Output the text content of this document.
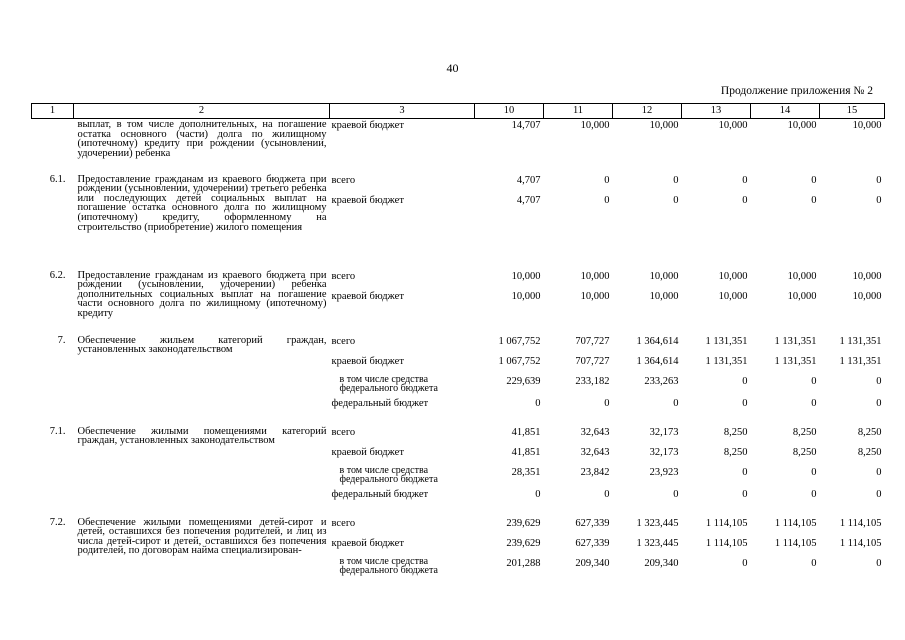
40
Продолжение приложения № 2
1	2	3	10	11	12	13	14	15
	выплат, в том числе дополнительных, на погашение остатка основного (части) долга по жилищному (ипотечному) кредиту при рождении (усыновлении, удочерении) ребенка	краевой бюджет	14,707	10,000	10,000	10,000	10,000	10,000

6.1.	Предоставление гражданам из краевого бюджета при рождении (усыновлении, удочерении) третьего ребенка или последующих детей социальных выплат на погашение остатка основного долга по жилищному (ипотечному) кредиту, оформленному на строительство (приобретение) жилого помещения	всего	4,707	0	0	0	0	0
		краевой бюджет	4,707	0	0	0	0	0

6.2.	Предоставление гражданам из краевого бюджета при рождении (усыновлении, удочерении) ребенка дополнительных социальных выплат на погашение части основного долга по жилищному (ипотечному) кредиту	всего	10,000	10,000	10,000	10,000	10,000	10,000
		краевой бюджет	10,000	10,000	10,000	10,000	10,000	10,000

7.	Обеспечение жильем категорий граждан, установленных законодательством	всего	1 067,752	707,727	1 364,614	1 131,351	1 131,351	1 131,351
		краевой бюджет	1 067,752	707,727	1 364,614	1 131,351	1 131,351	1 131,351
		в том числе средства федерального бюджета	229,639	233,182	233,263	0	0	0
		федеральный бюджет	0	0	0	0	0	0

7.1.	Обеспечение жилыми помещениями категорий граждан, установленных законодательством	всего	41,851	32,643	32,173	8,250	8,250	8,250
		краевой бюджет	41,851	32,643	32,173	8,250	8,250	8,250
		в том числе средства федерального бюджета	28,351	23,842	23,923	0	0	0
		федеральный бюджет	0	0	0	0	0	0

7.2.	Обеспечение жилыми помещениями детей-сирот и детей, оставшихся без попечения родителей, и лиц из числа детей-сирот и детей, оставшихся без попечения родителей, по договорам найма специализирован-	всего	239,629	627,339	1 323,445	1 114,105	1 114,105	1 114,105
		краевой бюджет	239,629	627,339	1 323,445	1 114,105	1 114,105	1 114,105
		в том числе средства федерального бюджета	201,288	209,340	209,340	0	0	0
